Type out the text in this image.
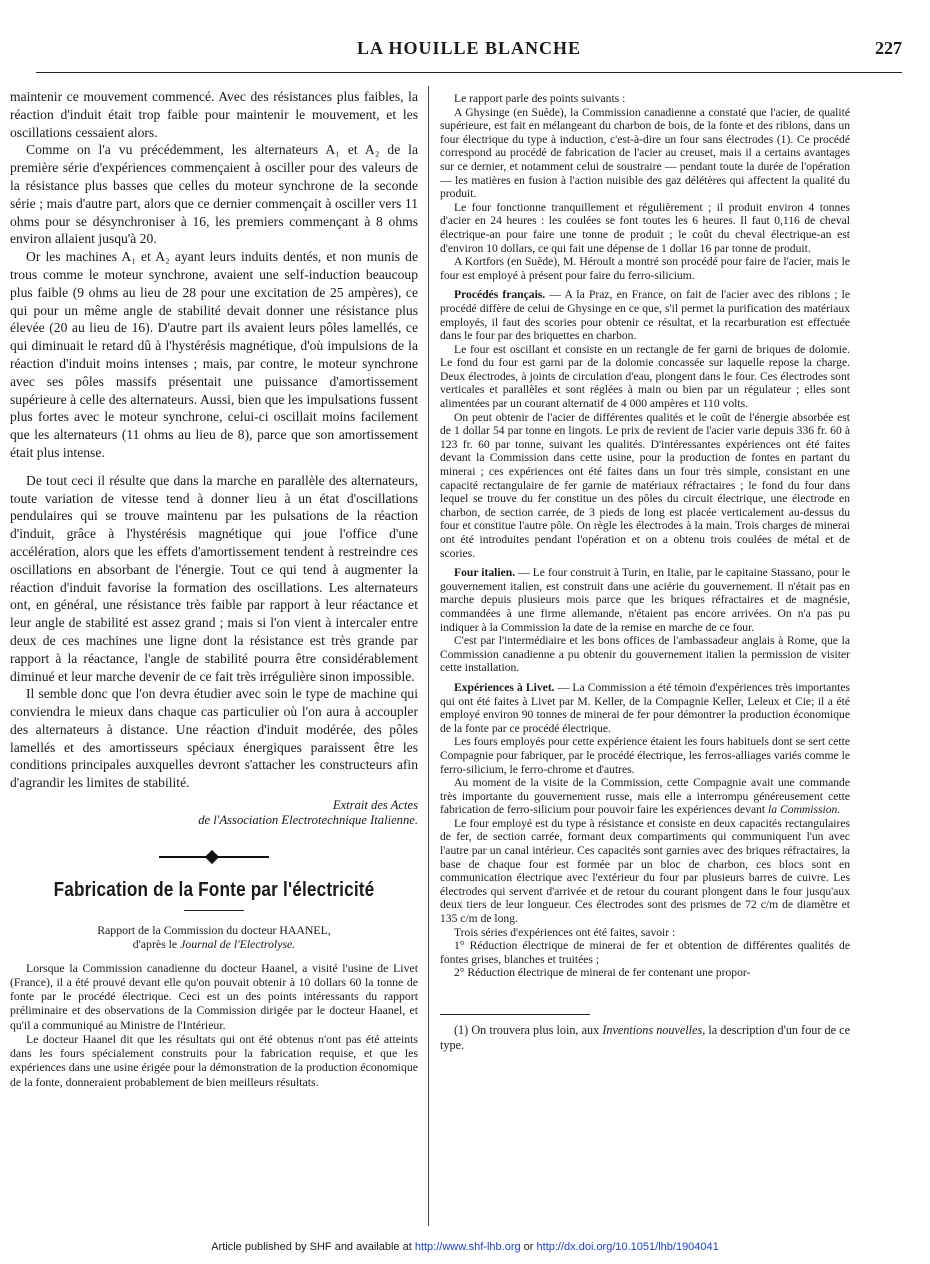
LA HOUILLE BLANCHE	227

maintenir ce mouvement commencé. Avec des résistances plus faibles, la réaction d'induit était trop faible pour maintenir le mouvement, et les oscillations cessaient alors.

Comme on l'a vu précédemment, les alternateurs A₁ et A₂ de la première série d'expériences commençaient à osciller pour des valeurs de la résistance plus basses que celles du moteur synchrone de la seconde série ; mais d'autre part, alors que ce dernier commençait à osciller vers 11 ohms pour se désynchroniser à 16, les premiers commençant à 8 ohms environ allaient jusqu'à 20.

Or les machines A₁ et A₂ ayant leurs induits dentés, et non munis de trous comme le moteur synchrone, avaient une self-induction beaucoup plus faible (9 ohms au lieu de 28 pour une excitation de 25 ampères), ce qui pour un même angle de stabilité devait donner une résistance plus élevée (20 au lieu de 16). D'autre part ils avaient leurs pôles lamellés, ce qui diminuait le retard dû à l'hystérésis magnétique, d'où impulsions de la réaction d'induit moins intenses ; mais, par contre, le moteur synchrone avec ses pôles massifs présentait une puissance d'amortissement supérieure à celle des alternateurs. Aussi, bien que les impulsations fussent plus fortes avec le moteur synchrone, celui-ci oscillait moins facilement que les alternateurs (11 ohms au lieu de 8), parce que son amortissement était plus intense.

De tout ceci il résulte que dans la marche en parallèle des alternateurs, toute variation de vitesse tend à donner lieu à un état d'oscillations pendulaires qui se trouve maintenu par les pulsations de la réaction d'induit, grâce à l'hystérésis magnétique qui joue l'office d'une accélération, alors que les effets d'amortissement tendent à restreindre ces oscillations en absorbant de l'énergie. Tout ce qui tend à augmenter la réaction d'induit favorise la formation des oscillations. Les alternateurs ont, en général, une résistance très faible par rapport à leur réactance et leur angle de stabilité est assez grand ; mais si l'on vient à intercaler entre deux de ces machines une ligne dont la résistance est très grande par rapport à la réactance, l'angle de stabilité pourra être considérablement diminué et leur marche devenir de ce fait très irrégulière sinon impossible.

Il semble donc que l'on devra étudier avec soin le type de machine qui conviendra le mieux dans chaque cas particulier où l'on aura à accoupler des alternateurs à distance. Une réaction d'induit modérée, des pôles lamellés et des amortisseurs spéciaux énergiques paraissent être les conditions principales auxquelles devront s'attacher les constructeurs afin d'agrandir les limites de stabilité.

Extrait des Actes
de l'Association Electrotechnique Italienne.
Fabrication de la Fonte par l'électricité
Rapport de la Commission du docteur HAANEL,
d'après le Journal de l'Electrolyse.

Lorsque la Commission canadienne du docteur Haanel, a visité l'usine de Livet (France), il a été prouvé devant elle qu'on pouvait obtenir à 10 dollars 60 la tonne de fonte par le procédé électrique. Ceci est un des points intéressants du rapport préliminaire et des observations de la Commission dirigée par le docteur Haanel, et qu'il a communiqué au Ministre de l'Intérieur.

Le docteur Haanel dit que les résultats qui ont été obtenus n'ont pas été atteints dans les fours spécialement construits pour la fabrication requise, et que les expériences dans une usine érigée pour la démonstration de la production économique de la fonte, donneraient probablement de bien meilleurs résultats.

Le rapport parle des points suivants :

A Ghysinge (en Suède), la Commission canadienne a constaté que l'acier, de qualité supérieure, est fait en mélangeant du charbon de bois, de la fonte et des riblons, dans un four électrique du type à induction, c'est-à-dire un four sans électrodes (1). Ce procédé correspond au procédé de fabrication de l'acier au creuset, mais il a certains avantages sur ce dernier, et notamment celui de soustraire — pendant toute la durée de l'opération — les matières en fusion à l'action nuisible des gaz délétères qui affectent la qualité du produit.

Le four fonctionne tranquillement et régulièrement ; il produit environ 4 tonnes d'acier en 24 heures : les coulées se font toutes les 6 heures. Il faut 0,116 de cheval électrique-an pour faire une tonne de produit ; le coût du cheval électrique-an est d'environ 10 dollars, ce qui fait une dépense de 1 dollar 16 par tonne de produit.

A Kortfors (en Suède), M. Héroult a montré son procédé pour faire de l'acier, mais le four est employé à présent pour faire du ferro-silicium.

Procédés français. — A la Praz, en France, on fait de l'acier avec des riblons ; le procédé diffère de celui de Ghysinge en ce que, s'il permet la purification des matériaux employés, il faut des scories pour obtenir ce résultat, et la recarburation est effectuée dans le four par des briquettes en charbon.

Le four est oscillant et consiste en un rectangle de fer garni de briques de dolomie. Le fond du four est garni par de la dolomie concassée sur laquelle repose la charge. Deux électrodes, à joints de circulation d'eau, plongent dans le four. Ces électrodes sont verticales et parallèles et sont réglées à main ou bien par un régulateur ; elles sont alimentées par un courant alternatif de 4 000 ampères et 110 volts.

On peut obtenir de l'acier de différentes qualités et le coût de l'énergie absorbée est de 1 dollar 54 par tonne en lingots. Le prix de revient de l'acier varie depuis 336 fr. 60 à 123 fr. 60 par tonne, suivant les qualités. D'intéressantes expériences ont été faites devant la Commission dans cette usine, pour la production de fontes en partant du minerai ; ces expériences ont été faites dans un four très simple, consistant en une capacité rectangulaire de fer garnie de matériaux réfractaires ; le fond du four dans lequel se trouve du fer constitue un des pôles du circuit électrique, une électrode en charbon, de section carrée, de 3 pieds de long est placée verticalement au-dessus du four et constitue l'autre pôle. On règle les électrodes à la main. Trois charges de minerai ont été introduites pendant l'opération et on a obtenu trois coulées de métal et de scories.

Four italien. — Le four construit à Turin, en Italie, par le capitaine Stassano, pour le gouvernement italien, est construit dans une aciérie du gouvernement. Il n'était pas en marche depuis plusieurs mois parce que les briques réfractaires et de magnésie, commandées à une firme allemande, n'étaient pas encore arrivées. On n'a pas pu indiquer à la Commission la date de la remise en marche de ce four.

C'est par l'intermédiaire et les bons offices de l'ambassadeur anglais à Rome, que la Commission canadienne a pu obtenir du gouvernement italien la permission de visiter cette installation.

Expériences à Livet. — La Commission a été témoin d'expériences très importantes qui ont été faites à Livet par M. Keller, de la Compagnie Keller, Leleux et Cie; il a été employé environ 90 tonnes de minerai de fer pour démontrer la production économique de la fonte par ce procédé électrique.

Les fours employés pour cette expérience étaient les fours habituels dont se sert cette Compagnie pour fabriquer, par le procédé électrique, les ferros-alliages variés comme le ferro-silicium, le ferro-chrome et d'autres.

Au moment de la visite de la Commission, cette Compagnie avait une commande très importante du gouvernement russe, mais elle a interrompu généreusement cette fabrication de ferro-silicium pour pouvoir faire les expériences devant la Commission.

Le four employé est du type à résistance et consiste en deux capacités rectangulaires de fer, de section carrée, formant deux compartiments qui communiquent l'un avec l'autre par un canal intérieur. Ces capacités sont garnies avec des briques réfractaires, la base de chaque four est formée par un bloc de charbon, ces blocs sont en communication électrique avec l'extérieur du four par plusieurs barres de cuivre. Les électrodes qui servent d'arrivée et de retour du courant plongent dans le four jusqu'aux deux tiers de leur longueur. Ces électrodes sont des prismes de 72 c/m de diamètre et 135 c/m de long.

Trois séries d'expériences ont été faites, savoir :

1° Réduction électrique de minerai de fer et obtention de différentes qualités de fontes grises, blanches et truitées ;

2° Réduction électrique de minerai de fer contenant une propor-

(1) On trouvera plus loin, aux Inventions nouvelles, la description d'un four de ce type.

Article published by SHF and available at http://www.shf-lhb.org or http://dx.doi.org/10.1051/lhb/1904041
